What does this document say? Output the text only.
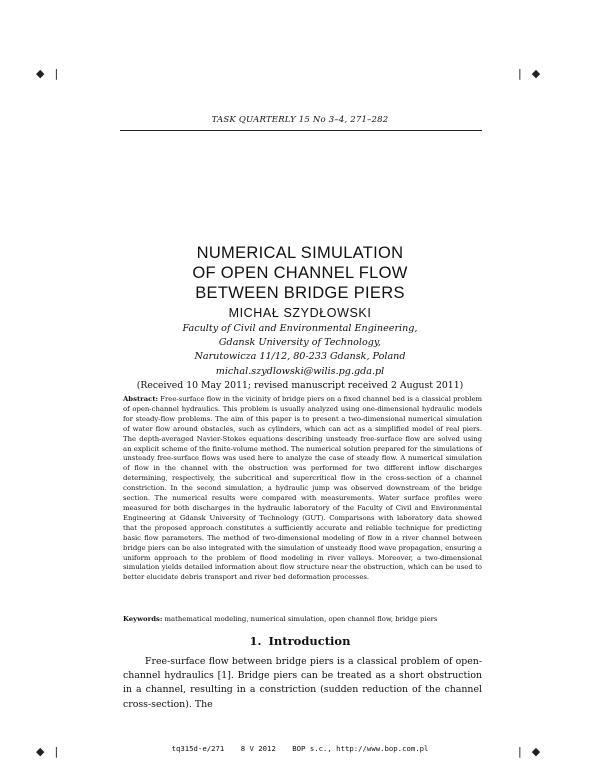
◆ |	| ◆
◆ |	| ◆
TASK QUARTERLY 15 No 3–4, 271–282
NUMERICAL SIMULATION
OF OPEN CHANNEL FLOW
BETWEEN BRIDGE PIERS
MICHAŁ SZYDŁOWSKI
Faculty of Civil and Environmental Engineering,
Gdansk University of Technology,
Narutowicza 11/12, 80-233 Gdansk, Poland
michal.szydlowski@wilis.pg.gda.pl
(Received 10 May 2011; revised manuscript received 2 August 2011)
Abstract: Free-surface flow in the vicinity of bridge piers on a fixed channel bed is a classical problem of open-channel hydraulics. This problem is usually analyzed using one-dimensional hydraulic models for steady-flow problems. The aim of this paper is to present a two-dimensional numerical simulation of water flow around obstacles, such as cylinders, which can act as a simplified model of real piers. The depth-averaged Navier-Stokes equations describing unsteady free-surface flow are solved using an explicit scheme of the finite-volume method. The numerical solution prepared for the simulations of unsteady free-surface flows was used here to analyze the case of steady flow. A numerical simulation of flow in the channel with the obstruction was performed for two different inflow discharges determining, respectively, the subcritical and supercritical flow in the cross-section of a channel constriction. In the second simulation, a hydraulic jump was observed downstream of the bridge section. The numerical results were compared with measurements. Water surface profiles were measured for both discharges in the hydraulic laboratory of the Faculty of Civil and Environmental Engineering at Gdansk University of Technology (GUT). Comparisons with laboratory data showed that the proposed approach constitutes a sufficiently accurate and reliable technique for predicting basic flow parameters. The method of two-dimensional modeling of flow in a river channel between bridge piers can be also integrated with the simulation of unsteady flood wave propagation, ensuring a uniform approach to the problem of flood modeling in river valleys. Moreover, a two-dimensional simulation yields detailed information about flow structure near the obstruction, which can be used to better elucidate debris transport and river bed deformation processes.
Keywords: mathematical modeling, numerical simulation, open channel flow, bridge piers
1. Introduction

Free-surface flow between bridge piers is a classical problem of open-channel hydraulics [1]. Bridge piers can be treated as a short obstruction in a channel, resulting in a constriction (sudden reduction of the channel cross-section). The

tq315d-e/271 8 V 2012 BOP s.c., http://www.bop.com.pl
